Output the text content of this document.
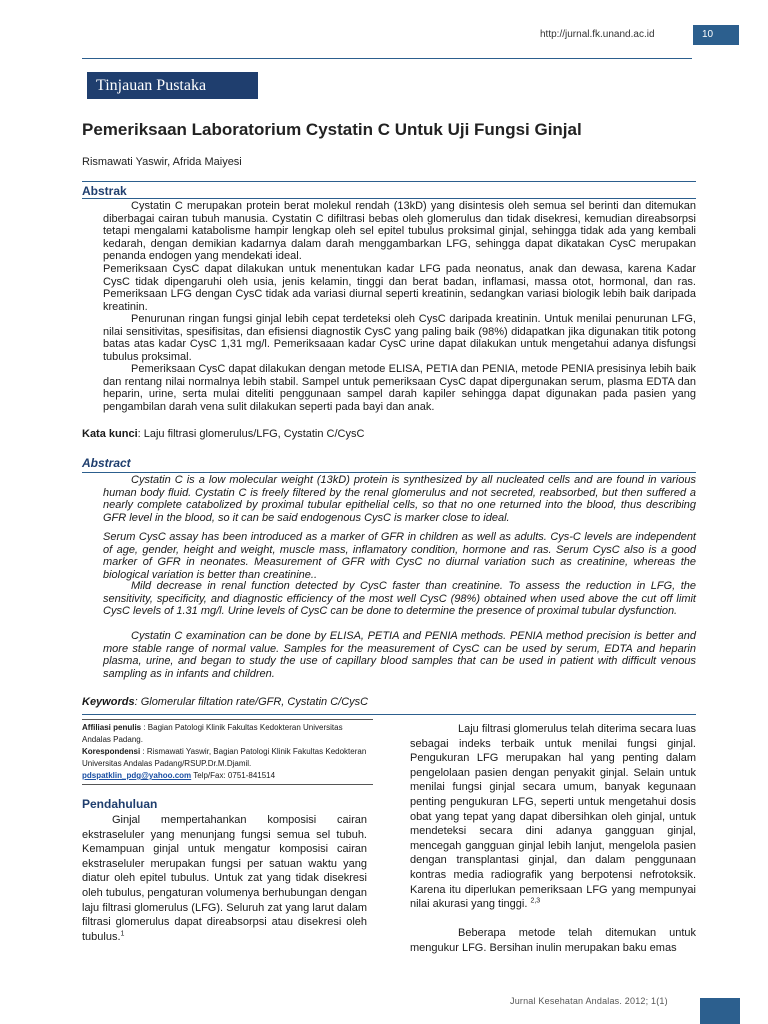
http://jurnal.fk.unand.ac.id	10
Tinjauan Pustaka
Pemeriksaan Laboratorium Cystatin C Untuk Uji Fungsi Ginjal
Rismawati Yaswir, Afrida Maiyesi
Abstrak

Cystatin C merupakan protein berat molekul rendah (13kD) yang disintesis oleh semua sel berinti dan ditemukan diberbagai cairan tubuh manusia. Cystatin C difiltrasi bebas oleh glomerulus dan tidak disekresi, kemudian direabsorpsi tetapi mengalami katabolisme hampir lengkap oleh sel epitel tubulus proksimal ginjal, sehingga tidak ada yang kembali kedarah, dengan demikian kadarnya dalam darah menggambarkan LFG, sehingga dapat dikatakan CysC merupakan penanda endogen yang mendekati ideal.

Pemeriksaan CysC dapat dilakukan untuk menentukan kadar LFG pada neonatus, anak dan dewasa, karena Kadar CysC tidak dipengaruhi oleh usia, jenis kelamin, tinggi dan berat badan, inflamasi, massa otot, hormonal, dan ras. Pemeriksaan LFG dengan CysC tidak ada variasi diurnal seperti kreatinin, sedangkan variasi biologik lebih baik daripada kreatinin.

Penurunan ringan fungsi ginjal lebih cepat terdeteksi oleh CysC daripada kreatinin. Untuk menilai penurunan LFG, nilai sensitivitas, spesifisitas, dan efisiensi diagnostik CysC yang paling baik (98%) didapatkan jika digunakan titik potong batas atas kadar CysC 1,31 mg/l. Pemeriksaaan kadar CysC urine dapat dilakukan untuk mengetahui adanya disfungsi tubulus proksimal.

Pemeriksaan CysC dapat dilakukan dengan metode ELISA, PETIA dan PENIA, metode PENIA presisinya lebih baik dan rentang nilai normalnya lebih stabil. Sampel untuk pemeriksaan CysC dapat dipergunakan serum, plasma EDTA dan heparin, urine, serta mulai diteliti penggunaan sampel darah kapiler sehingga dapat digunakan pada pasien yang pengambilan darah vena sulit dilakukan seperti pada bayi dan anak.

Kata kunci: Laju filtrasi glomerulus/LFG, Cystatin C/CysC
Abstract

Cystatin C is a low molecular weight (13kD) protein is synthesized by all nucleated cells and are found in various human body fluid. Cystatin C is freely filtered by the renal glomerulus and not secreted, reabsorbed, but then suffered a nearly complete catabolized by proximal tubular epithelial cells, so that no one returned into the blood, thus describing GFR level in the blood, so it can be said endogenous CysC is marker close to ideal.

Serum CysC assay has been introduced as a marker of GFR in children as well as adults. Cys-C levels are independent of age, gender, height and weight, muscle mass, inflamatory condition, hormone and ras. Serum CysC also is a good marker of GFR in neonates. Measurement of GFR with CysC no diurnal variation such as creatinine, whereas the biological variation is better than creatinine..

Mild decrease in renal function detected by CysC faster than creatinine. To assess the reduction in LFG, the sensitivity, specificity, and diagnostic efficiency of the most well CysC (98%) obtained when used above the cut off limit CysC levels of 1.31 mg/l. Urine levels of CysC can be done to determine the presence of proximal tubular dysfunction.

Cystatin C examination can be done by ELISA, PETIA and PENIA methods. PENIA method precision is better and more stable range of normal value. Samples for the measurement of CysC can be used by serum, EDTA and heparin plasma, urine, and began to study the use of capillary blood samples that can be used in patient with difficult venous sampling as in infants and children.

Keywords: Glomerular filtation rate/GFR, Cystatin C/CysC
Affiliasi penulis : Bagian Patologi Klinik Fakultas Kedokteran Universitas Andalas Padang.
Korespondensi : Rismawati Yaswir, Bagian Patologi Klinik Fakultas Kedokteran Universitas Andalas Padang/RSUP.Dr.M.Djamil.
pdspatklin_pdg@yahoo.com Telp/Fax: 0751-841514
Pendahuluan

Ginjal mempertahankan komposisi cairan ekstraseluler yang menunjang fungsi semua sel tubuh. Kemampuan ginjal untuk mengatur komposisi cairan ekstraseluler merupakan fungsi per satuan waktu yang diatur oleh epitel tubulus. Untuk zat yang tidak disekresi oleh tubulus, pengaturan volumenya berhubungan dengan laju filtrasi glomerulus (LFG). Seluruh zat yang larut dalam filtrasi glomerulus dapat direabsorpsi atau disekresi oleh tubulus.$^1$

Laju filtrasi glomerulus telah diterima secara luas sebagai indeks terbaik untuk menilai fungsi ginjal. Pengukuran LFG merupakan hal yang penting dalam pengelolaan pasien dengan penyakit ginjal. Selain untuk menilai fungsi ginjal secara umum, banyak kegunaan penting pengukuran LFG, seperti untuk mengetahui dosis obat yang tepat yang dapat dibersihkan oleh ginjal, untuk mendeteksi secara dini adanya gangguan ginjal, mencegah gangguan ginjal lebih lanjut, mengelola pasien dengan transplantasi ginjal, dan dalam penggunaan kontras media radiografik yang berpotensi nefrotoksik. Karena itu diperlukan pemeriksaan LFG yang mempunyai nilai akurasi yang tinggi. $^{2,3}$

Beberapa metode telah ditemukan untuk mengukur LFG. Bersihan inulin merupakan baku emas

Jurnal Kesehatan Andalas. 2012; 1(1)
